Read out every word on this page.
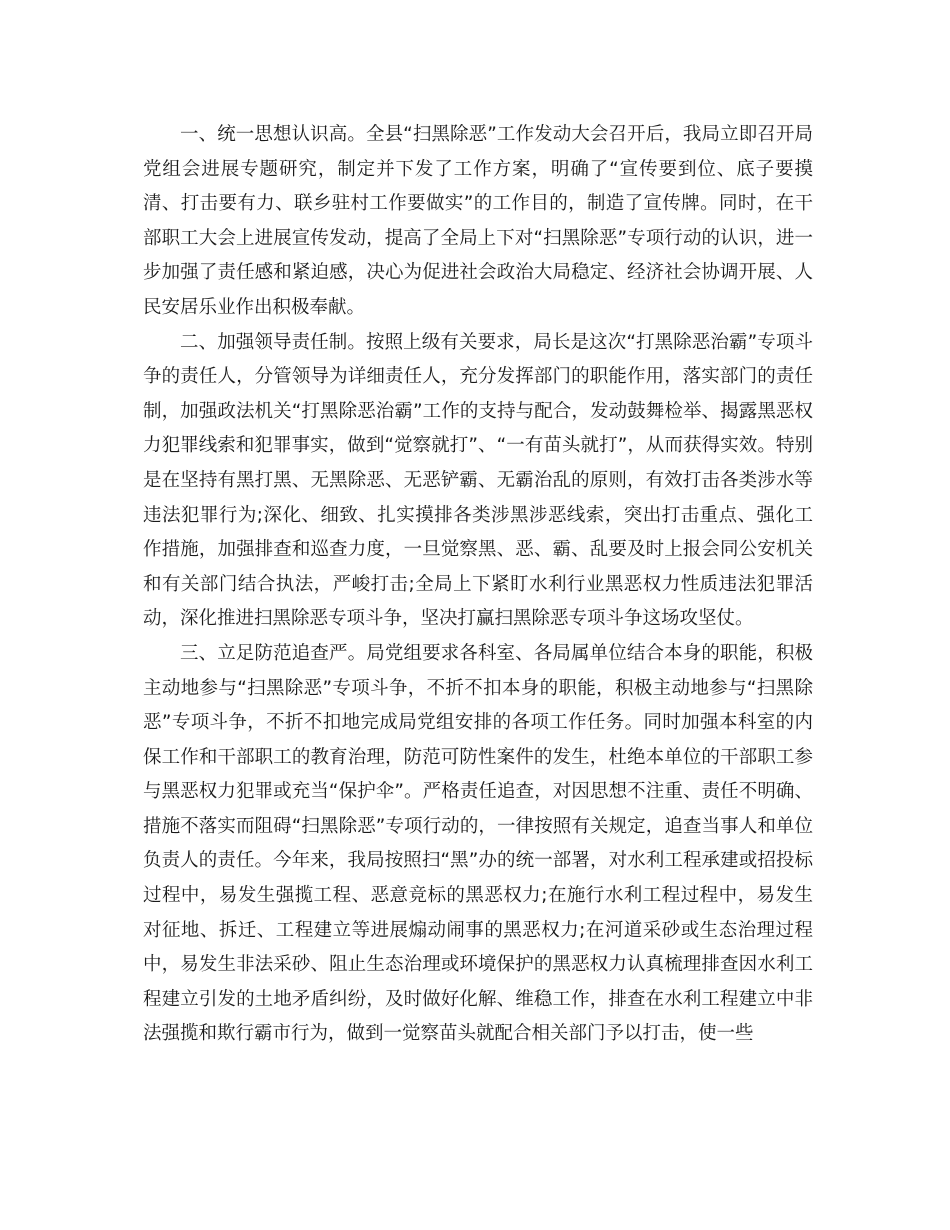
一、统一思想认识高。全县“扫黑除恶”工作发动大会召开后，我局立即召开局党组会进展专题研究，制定并下发了工作方案，明确了“宣传要到位、底子要摸清、打击要有力、联乡驻村工作要做实”的工作目的，制造了宣传牌。同时，在干部职工大会上进展宣传发动，提高了全局上下对“扫黑除恶”专项行动的认识，进一步加强了责任感和紧迫感，决心为促进社会政治大局稳定、经济社会协调开展、人民安居乐业作出积极奉献。

二、加强领导责任制。按照上级有关要求，局长是这次“打黑除恶治霸”专项斗争的责任人，分管领导为详细责任人，充分发挥部门的职能作用，落实部门的责任制，加强政法机关“打黑除恶治霸”工作的支持与配合，发动鼓舞检举、揭露黑恶权力犯罪线索和犯罪事实，做到“觉察就打”、“一有苗头就打”，从而获得实效。特别是在坚持有黑打黑、无黑除恶、无恶铲霸、无霸治乱的原则，有效打击各类涉水等违法犯罪行为;深化、细致、扎实摸排各类涉黑涉恶线索，突出打击重点、强化工作措施，加强排查和巡查力度，一旦觉察黑、恶、霸、乱要及时上报会同公安机关和有关部门结合执法，严峻打击;全局上下紧盯水利行业黑恶权力性质违法犯罪活动，深化推进扫黑除恶专项斗争，坚决打赢扫黑除恶专项斗争这场攻坚仗。

三、立足防范追查严。局党组要求各科室、各局属单位结合本身的职能，积极主动地参与“扫黑除恶”专项斗争，不折不扣本身的职能，积极主动地参与“扫黑除恶”专项斗争，不折不扣地完成局党组安排的各项工作任务。同时加强本科室的内保工作和干部职工的教育治理，防范可防性案件的发生，杜绝本单位的干部职工参与黑恶权力犯罪或充当“保护伞”。严格责任追查，对因思想不注重、责任不明确、措施不落实而阻碍“扫黑除恶”专项行动的，一律按照有关规定，追查当事人和单位负责人的责任。今年来，我局按照扫“黑”办的统一部署，对水利工程承建或招投标过程中，易发生强揽工程、恶意竞标的黑恶权力;在施行水利工程过程中，易发生对征地、拆迁、工程建立等进展煽动闹事的黑恶权力;在河道采砂或生态治理过程中，易发生非法采砂、阻止生态治理或环境保护的黑恶权力认真梳理排查因水利工程建立引发的土地矛盾纠纷，及时做好化解、维稳工作，排查在水利工程建立中非法强揽和欺行霸市行为，做到一觉察苗头就配合相关部门予以打击，使一些
